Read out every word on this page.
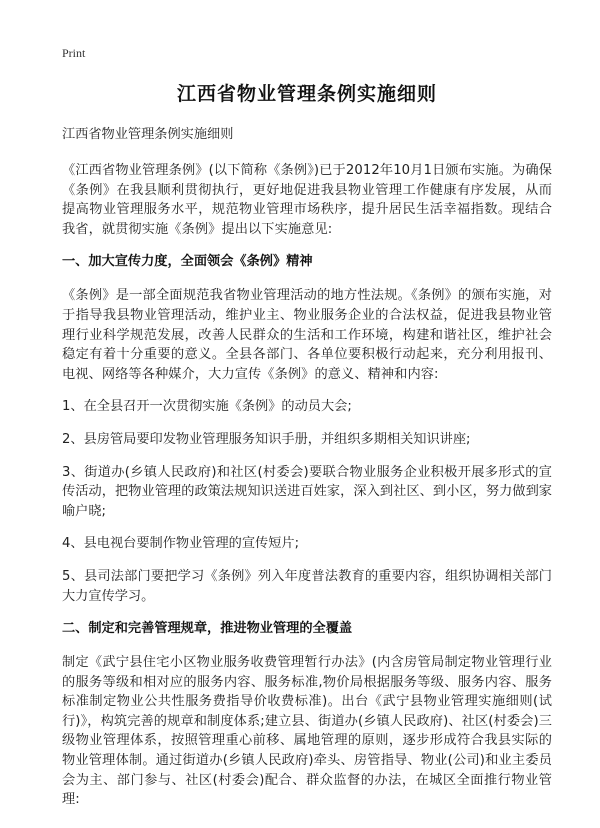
Print
江西省物业管理条例实施细则
江西省物业管理条例实施细则

《江西省物业管理条例》(以下简称《条例》)已于2012年10月1日颁布实施。为确保《条例》在我县顺利贯彻执行，更好地促进我县物业管理工作健康有序发展，从而提高物业管理服务水平，规范物业管理市场秩序，提升居民生活幸福指数。现结合我省，就贯彻实施《条例》提出以下实施意见:

一、加大宣传力度，全面领会《条例》精神

《条例》是一部全面规范我省物业管理活动的地方性法规。《条例》的颁布实施，对于指导我县物业管理活动，维护业主、物业服务企业的合法权益，促进我县物业管理行业科学规范发展，改善人民群众的生活和工作环境，构建和谐社区，维护社会稳定有着十分重要的意义。全县各部门、各单位要积极行动起来，充分利用报刊、电视、网络等各种媒介，大力宣传《条例》的意义、精神和内容:

1、在全县召开一次贯彻实施《条例》的动员大会;

2、县房管局要印发物业管理服务知识手册，并组织多期相关知识讲座;

3、街道办(乡镇人民政府)和社区(村委会)要联合物业服务企业积极开展多形式的宣传活动，把物业管理的政策法规知识送进百姓家，深入到社区、到小区，努力做到家喻户晓;

4、县电视台要制作物业管理的宣传短片;

5、县司法部门要把学习《条例》列入年度普法教育的重要内容，组织协调相关部门大力宣传学习。

二、制定和完善管理规章，推进物业管理的全覆盖

制定《武宁县住宅小区物业服务收费管理暂行办法》(内含房管局制定物业管理行业的服务等级和相对应的服务内容、服务标准,物价局根据服务等级、服务内容、服务标准制定物业公共性服务费指导价收费标准)。出台《武宁县物业管理实施细则(试行)》，构筑完善的规章和制度体系;建立县、街道办(乡镇人民政府)、社区(村委会)三级物业管理体系，按照管理重心前移、属地管理的原则，逐步形成符合我县实际的物业管理体制。通过街道办(乡镇人民政府)牵头、房管指导、物业(公司)和业主委员会为主、部门参与、社区(村委会)配合、群众监督的办法，在城区全面推行物业管理:
